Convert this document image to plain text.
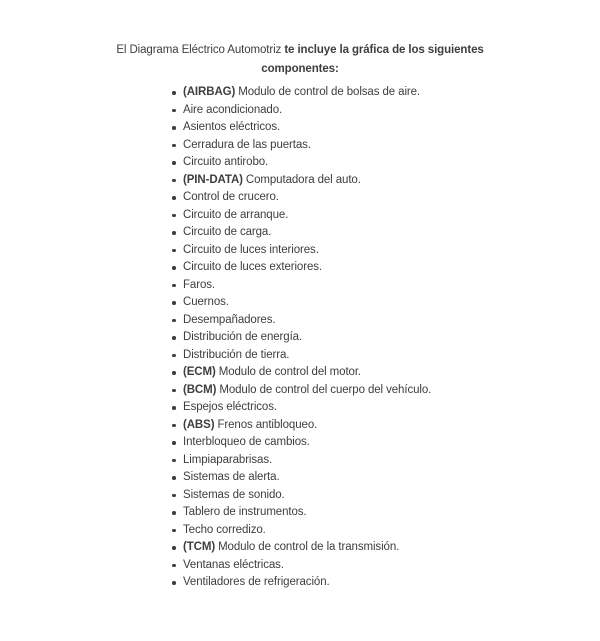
El Diagrama Eléctrico Automotriz te incluye la gráfica de los siguientes
componentes:

(AIRBAG) Modulo de control de bolsas de aire.
Aire acondicionado.
Asientos eléctricos.
Cerradura de las puertas.
Circuito antirobo.
(PIN-DATA) Computadora del auto.
Control de crucero.
Circuito de arranque.
Circuito de carga.
Circuito de luces interiores.
Circuito de luces exteriores.
Faros.
Cuernos.
Desempañadores.
Distribución de energía.
Distribución de tierra.
(ECM) Modulo de control del motor.
(BCM) Modulo de control del cuerpo del vehículo.
Espejos eléctricos.
(ABS) Frenos antibloqueo.
Interbloqueo de cambios.
Limpiaparabrisas.
Sistemas de alerta.
Sistemas de sonido.
Tablero de instrumentos.
Techo corredizo.
(TCM) Modulo de control de la transmisión.
Ventanas eléctricas.
Ventiladores de refrigeración.
